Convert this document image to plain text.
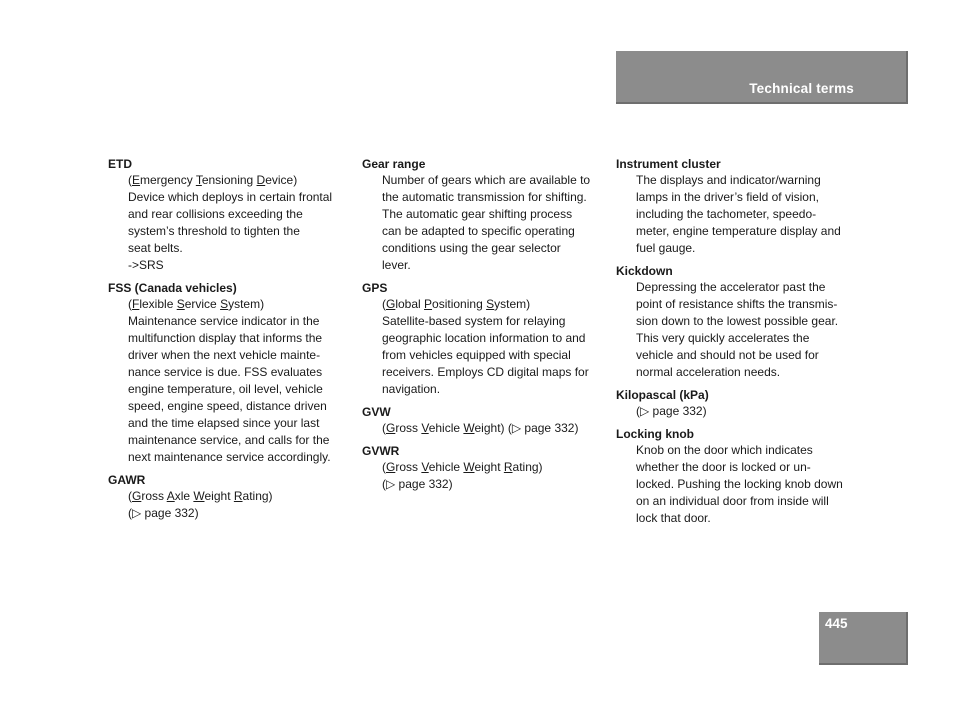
Technical terms
ETD
(Emergency Tensioning Device)
Device which deploys in certain frontal
and rear collisions exceeding the
system’s threshold to tighten the
seat belts.
->SRS
FSS (Canada vehicles)
(Flexible Service System)
Maintenance service indicator in the
multifunction display that informs the
driver when the next vehicle mainte-
nance service is due. FSS evaluates
engine temperature, oil level, vehicle
speed, engine speed, distance driven
and the time elapsed since your last
maintenance service, and calls for the
next maintenance service accordingly.
GAWR
(Gross Axle Weight Rating)
(▷ page 332)
Gear range
Number of gears which are available to
the automatic transmission for shifting.
The automatic gear shifting process
can be adapted to specific operating
conditions using the gear selector
lever.
GPS
(Global Positioning System)
Satellite-based system for relaying
geographic location information to and
from vehicles equipped with special
receivers. Employs CD digital maps for
navigation.
GVW
(Gross Vehicle Weight) (▷ page 332)
GVWR
(Gross Vehicle Weight Rating)
(▷ page 332)
Instrument cluster
The displays and indicator/warning
lamps in the driver’s field of vision,
including the tachometer, speedo-
meter, engine temperature display and
fuel gauge.
Kickdown
Depressing the accelerator past the
point of resistance shifts the transmis-
sion down to the lowest possible gear.
This very quickly accelerates the
vehicle and should not be used for
normal acceleration needs.
Kilopascal (kPa)
(▷ page 332)
Locking knob
Knob on the door which indicates
whether the door is locked or un-
locked. Pushing the locking knob down
on an individual door from inside will
lock that door.
445
